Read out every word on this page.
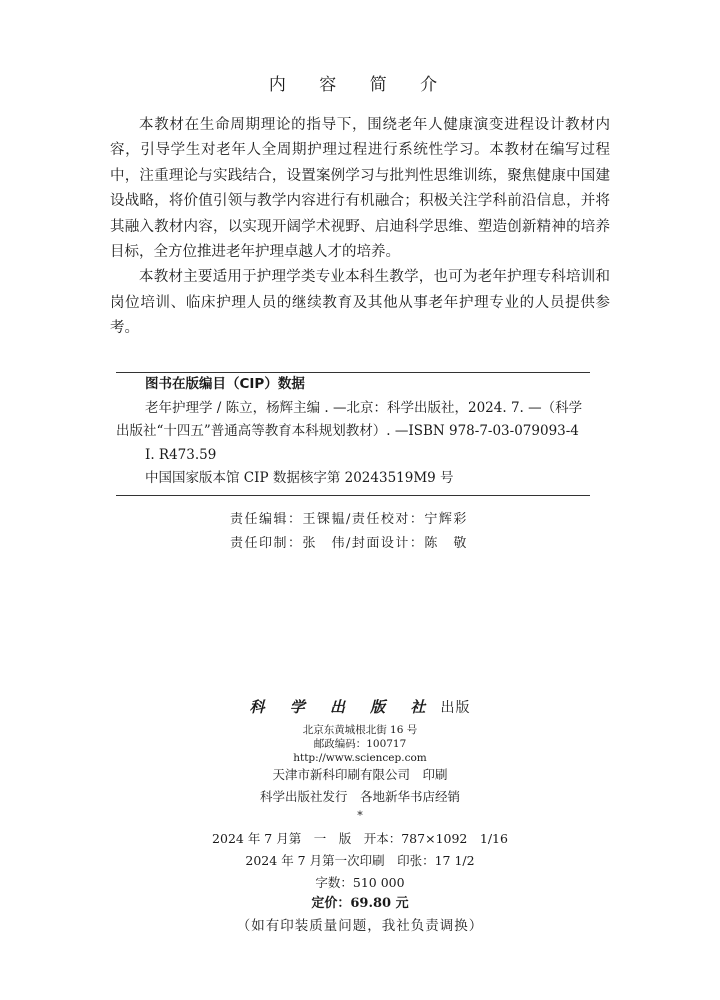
内 容 简 介

本教材在生命周期理论的指导下，围绕老年人健康演变进程设计教材内容，引导学生对老年人全周期护理过程进行系统性学习。本教材在编写过程中，注重理论与实践结合，设置案例学习与批判性思维训练，聚焦健康中国建设战略，将价值引领与教学内容进行有机融合；积极关注学科前沿信息，并将其融入教材内容，以实现开阔学术视野、启迪科学思维、塑造创新精神的培养目标，全方位推进老年护理卓越人才的培养。

本教材主要适用于护理学类专业本科生教学，也可为老年护理专科培训和岗位培训、临床护理人员的继续教育及其他从事老年护理专业的人员提供参考。

图书在版编目（CIP）数据
老年护理学 / 陈立，杨辉主编 . —北京：科学出版社，2024. 7. —（科学
出版社“十四五”普通高等教育本科规划教材）. —ISBN 978-7-03-079093-4
Ⅰ. R473.59
中国国家版本馆 CIP 数据核字第 20243519M9 号
责任编辑：王锞韫/责任校对：宁辉彩
责任印制：张　伟/封面设计：陈　敬
科 学 出 版 社 出版
北京东黄城根北街 16 号
邮政编码：100717
http://www.sciencep.com
天津市新科印刷有限公司　印刷
科学出版社发行　各地新华书店经销
*
2024 年 7 月第　一　版　开本：787×1092　1/16
2024 年 7 月第一次印刷　印张：17 1/2
字数：510 000
定价：69.80 元
（如有印装质量问题，我社负责调换）
